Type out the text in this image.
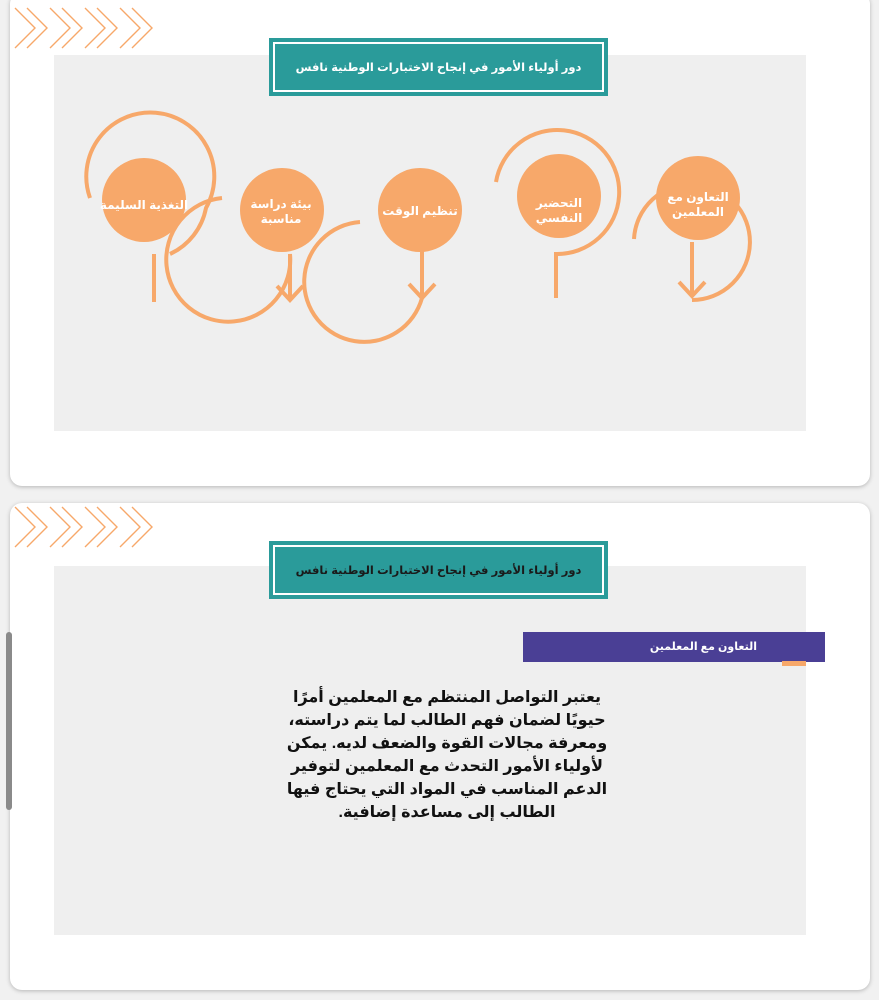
دور أولياء الأمور في إنجاح الاختبارات الوطنية نافس
التعاون مع المعلمين
التحضير النفسي
تنظيم الوقت
بيئة دراسة مناسبة
التغذية السليمة
دور أولياء الأمور في إنجاح الاختبارات الوطنية نافس
التعاون مع المعلمين
يعتبر التواصل المنتظم مع المعلمين أمرًا حيويًا لضمان فهم الطالب لما يتم دراسته، ومعرفة مجالات القوة والضعف لديه. يمكن لأولياء الأمور التحدث مع المعلمين لتوفير الدعم المناسب في المواد التي يحتاج فيها الطالب إلى مساعدة إضافية.
